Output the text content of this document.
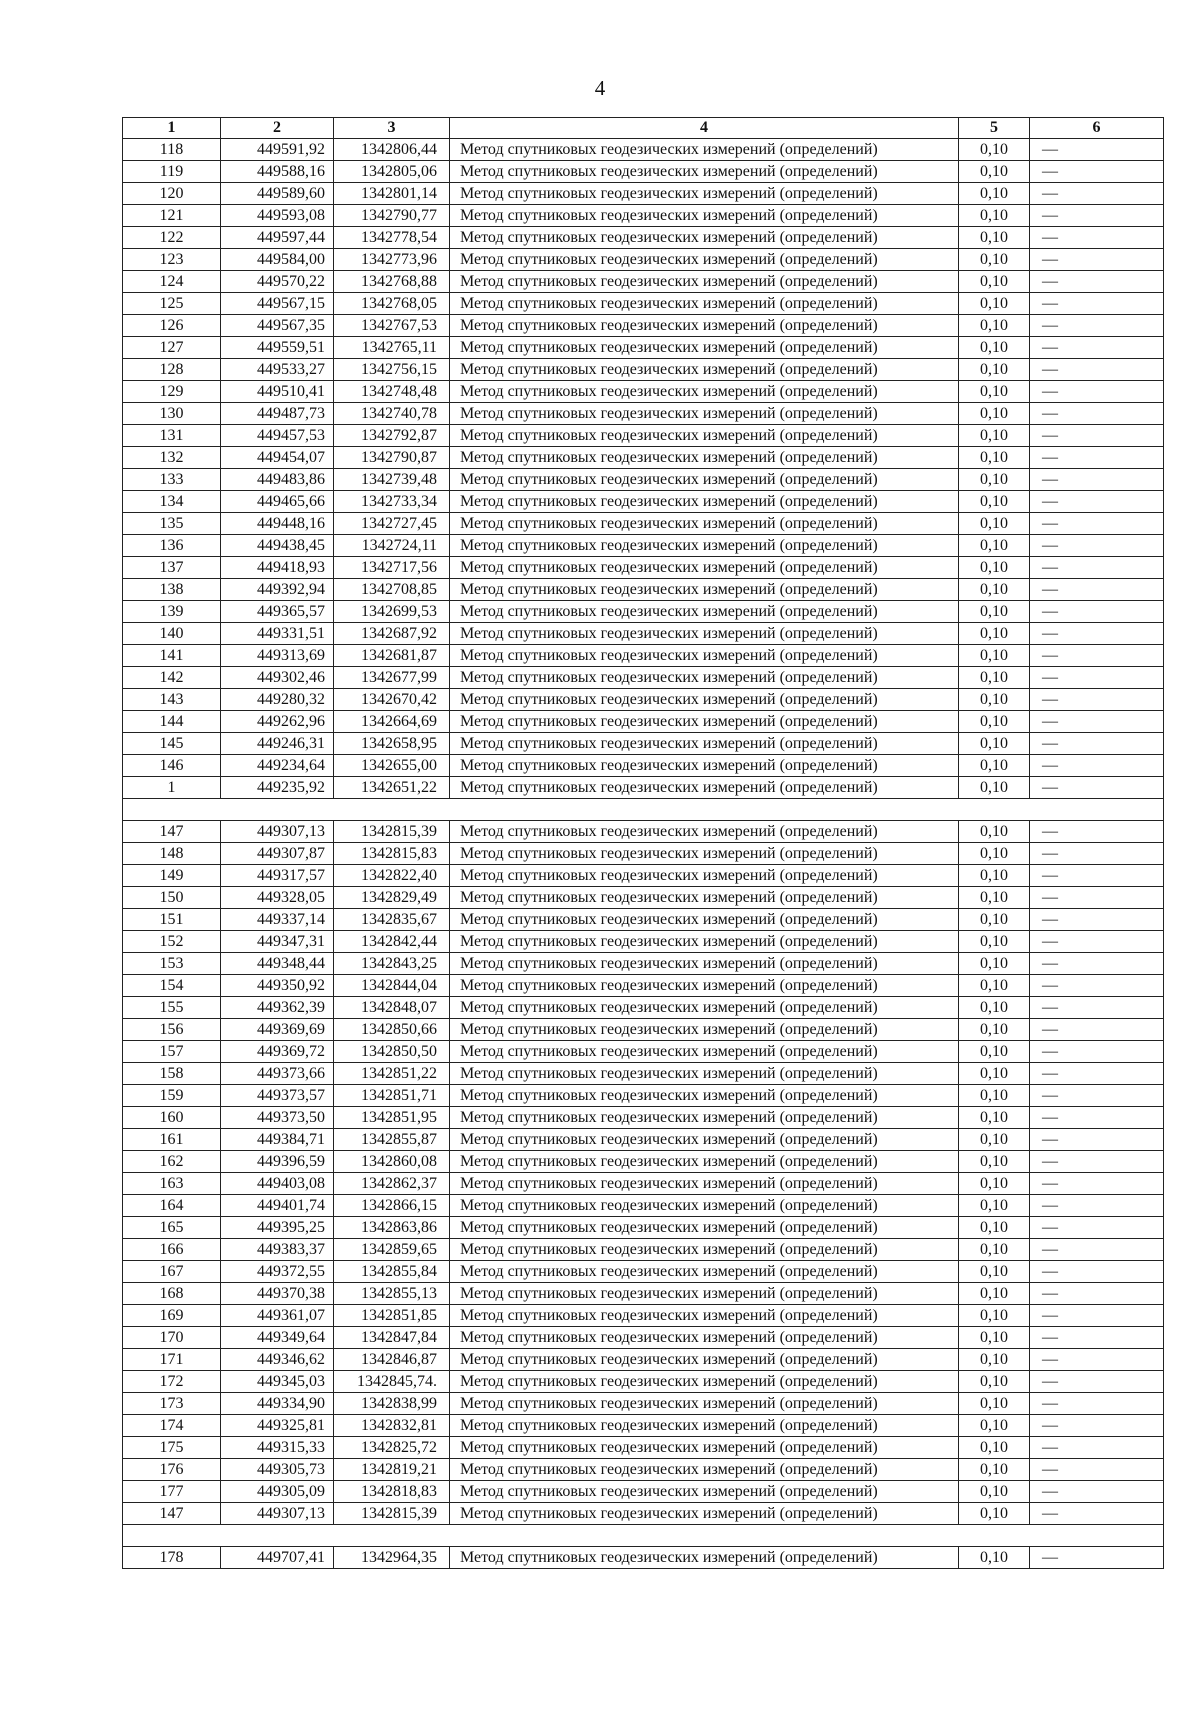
4
1	2	3	4	5	6
118	449591,92	1342806,44	Метод спутниковых геодезических измерений (определений)	0,10	—
119	449588,16	1342805,06	Метод спутниковых геодезических измерений (определений)	0,10	—
120	449589,60	1342801,14	Метод спутниковых геодезических измерений (определений)	0,10	—
121	449593,08	1342790,77	Метод спутниковых геодезических измерений (определений)	0,10	—
122	449597,44	1342778,54	Метод спутниковых геодезических измерений (определений)	0,10	—
123	449584,00	1342773,96	Метод спутниковых геодезических измерений (определений)	0,10	—
124	449570,22	1342768,88	Метод спутниковых геодезических измерений (определений)	0,10	—
125	449567,15	1342768,05	Метод спутниковых геодезических измерений (определений)	0,10	—
126	449567,35	1342767,53	Метод спутниковых геодезических измерений (определений)	0,10	—
127	449559,51	1342765,11	Метод спутниковых геодезических измерений (определений)	0,10	—
128	449533,27	1342756,15	Метод спутниковых геодезических измерений (определений)	0,10	—
129	449510,41	1342748,48	Метод спутниковых геодезических измерений (определений)	0,10	—
130	449487,73	1342740,78	Метод спутниковых геодезических измерений (определений)	0,10	—
131	449457,53	1342792,87	Метод спутниковых геодезических измерений (определений)	0,10	—
132	449454,07	1342790,87	Метод спутниковых геодезических измерений (определений)	0,10	—
133	449483,86	1342739,48	Метод спутниковых геодезических измерений (определений)	0,10	—
134	449465,66	1342733,34	Метод спутниковых геодезических измерений (определений)	0,10	—
135	449448,16	1342727,45	Метод спутниковых геодезических измерений (определений)	0,10	—
136	449438,45	1342724,11	Метод спутниковых геодезических измерений (определений)	0,10	—
137	449418,93	1342717,56	Метод спутниковых геодезических измерений (определений)	0,10	—
138	449392,94	1342708,85	Метод спутниковых геодезических измерений (определений)	0,10	—
139	449365,57	1342699,53	Метод спутниковых геодезических измерений (определений)	0,10	—
140	449331,51	1342687,92	Метод спутниковых геодезических измерений (определений)	0,10	—
141	449313,69	1342681,87	Метод спутниковых геодезических измерений (определений)	0,10	—
142	449302,46	1342677,99	Метод спутниковых геодезических измерений (определений)	0,10	—
143	449280,32	1342670,42	Метод спутниковых геодезических измерений (определений)	0,10	—
144	449262,96	1342664,69	Метод спутниковых геодезических измерений (определений)	0,10	—
145	449246,31	1342658,95	Метод спутниковых геодезических измерений (определений)	0,10	—
146	449234,64	1342655,00	Метод спутниковых геодезических измерений (определений)	0,10	—
1	449235,92	1342651,22	Метод спутниковых геодезических измерений (определений)	0,10	—

147	449307,13	1342815,39	Метод спутниковых геодезических измерений (определений)	0,10	—
148	449307,87	1342815,83	Метод спутниковых геодезических измерений (определений)	0,10	—
149	449317,57	1342822,40	Метод спутниковых геодезических измерений (определений)	0,10	—
150	449328,05	1342829,49	Метод спутниковых геодезических измерений (определений)	0,10	—
151	449337,14	1342835,67	Метод спутниковых геодезических измерений (определений)	0,10	—
152	449347,31	1342842,44	Метод спутниковых геодезических измерений (определений)	0,10	—
153	449348,44	1342843,25	Метод спутниковых геодезических измерений (определений)	0,10	—
154	449350,92	1342844,04	Метод спутниковых геодезических измерений (определений)	0,10	—
155	449362,39	1342848,07	Метод спутниковых геодезических измерений (определений)	0,10	—
156	449369,69	1342850,66	Метод спутниковых геодезических измерений (определений)	0,10	—
157	449369,72	1342850,50	Метод спутниковых геодезических измерений (определений)	0,10	—
158	449373,66	1342851,22	Метод спутниковых геодезических измерений (определений)	0,10	—
159	449373,57	1342851,71	Метод спутниковых геодезических измерений (определений)	0,10	—
160	449373,50	1342851,95	Метод спутниковых геодезических измерений (определений)	0,10	—
161	449384,71	1342855,87	Метод спутниковых геодезических измерений (определений)	0,10	—
162	449396,59	1342860,08	Метод спутниковых геодезических измерений (определений)	0,10	—
163	449403,08	1342862,37	Метод спутниковых геодезических измерений (определений)	0,10	—
164	449401,74	1342866,15	Метод спутниковых геодезических измерений (определений)	0,10	—
165	449395,25	1342863,86	Метод спутниковых геодезических измерений (определений)	0,10	—
166	449383,37	1342859,65	Метод спутниковых геодезических измерений (определений)	0,10	—
167	449372,55	1342855,84	Метод спутниковых геодезических измерений (определений)	0,10	—
168	449370,38	1342855,13	Метод спутниковых геодезических измерений (определений)	0,10	—
169	449361,07	1342851,85	Метод спутниковых геодезических измерений (определений)	0,10	—
170	449349,64	1342847,84	Метод спутниковых геодезических измерений (определений)	0,10	—
171	449346,62	1342846,87	Метод спутниковых геодезических измерений (определений)	0,10	—
172	449345,03	1342845,74.	Метод спутниковых геодезических измерений (определений)	0,10	—
173	449334,90	1342838,99	Метод спутниковых геодезических измерений (определений)	0,10	—
174	449325,81	1342832,81	Метод спутниковых геодезических измерений (определений)	0,10	—
175	449315,33	1342825,72	Метод спутниковых геодезических измерений (определений)	0,10	—
176	449305,73	1342819,21	Метод спутниковых геодезических измерений (определений)	0,10	—
177	449305,09	1342818,83	Метод спутниковых геодезических измерений (определений)	0,10	—
147	449307,13	1342815,39	Метод спутниковых геодезических измерений (определений)	0,10	—

178	449707,41	1342964,35	Метод спутниковых геодезических измерений (определений)	0,10	—
